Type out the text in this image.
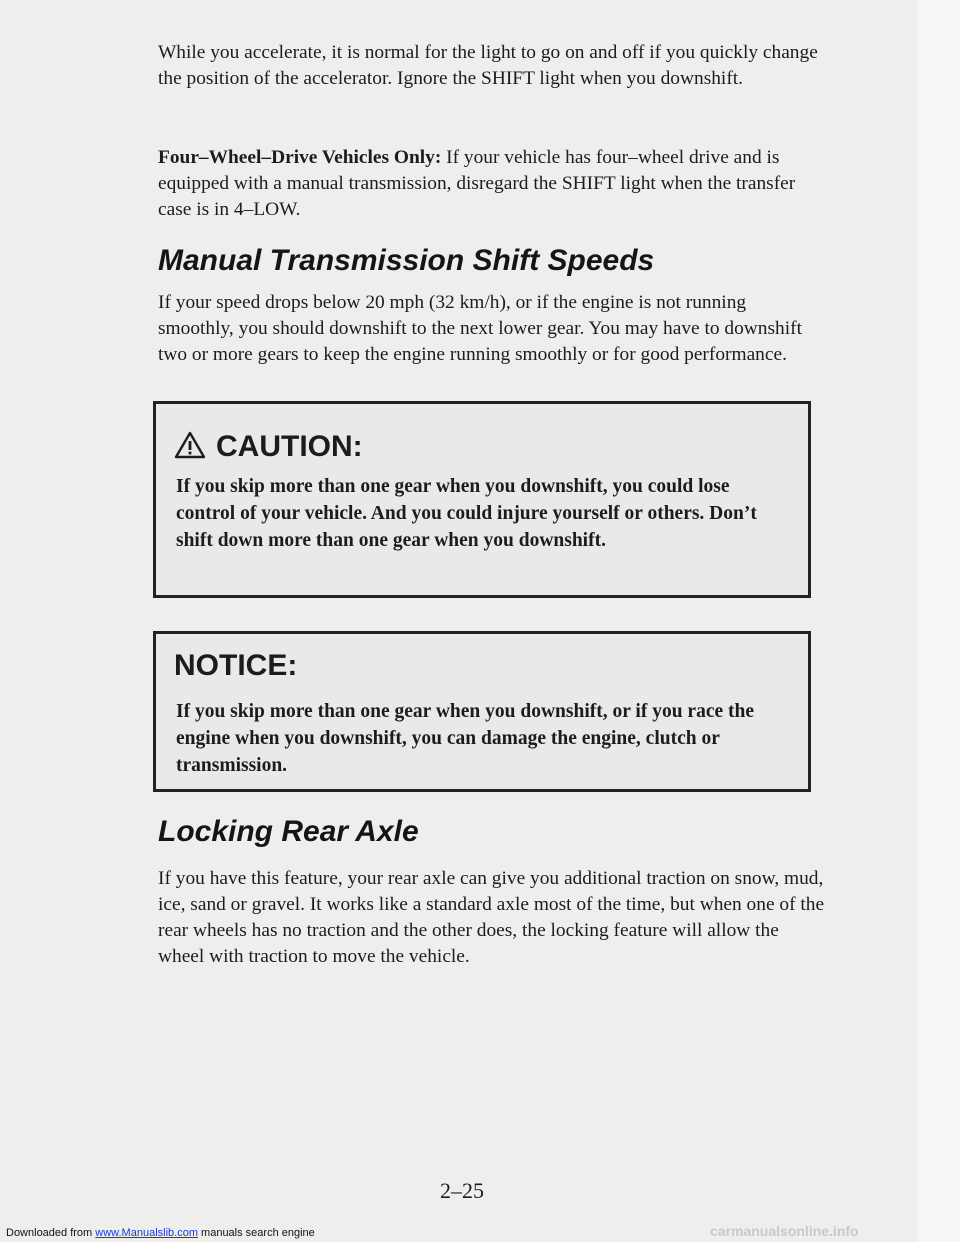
While you accelerate, it is normal for the light to go on and off if you quickly change the position of the accelerator. Ignore the SHIFT light when you downshift.

Four–Wheel–Drive Vehicles Only: If your vehicle has four–wheel drive and is equipped with a manual transmission, disregard the SHIFT light when the transfer case is in 4–LOW.

Manual Transmission Shift Speeds

If your speed drops below 20 mph (32 km/h), or if the engine is not running smoothly, you should downshift to the next lower gear. You may have to downshift two or more gears to keep the engine running smoothly or for good performance.

CAUTION:

If you skip more than one gear when you downshift, you could lose control of your vehicle. And you could injure yourself or others. Don’t shift down more than one gear when you downshift.

NOTICE:

If you skip more than one gear when you downshift, or if you race the engine when you downshift, you can damage the engine, clutch or transmission.

Locking Rear Axle

If you have this feature, your rear axle can give you additional traction on snow, mud, ice, sand or gravel. It works like a standard axle most of the time, but when one of the rear wheels has no traction and the other does, the locking feature will allow the wheel with traction to move the vehicle.

2–25
Downloaded from www.Manualslib.com manuals search engine	carmanualsonline.info
